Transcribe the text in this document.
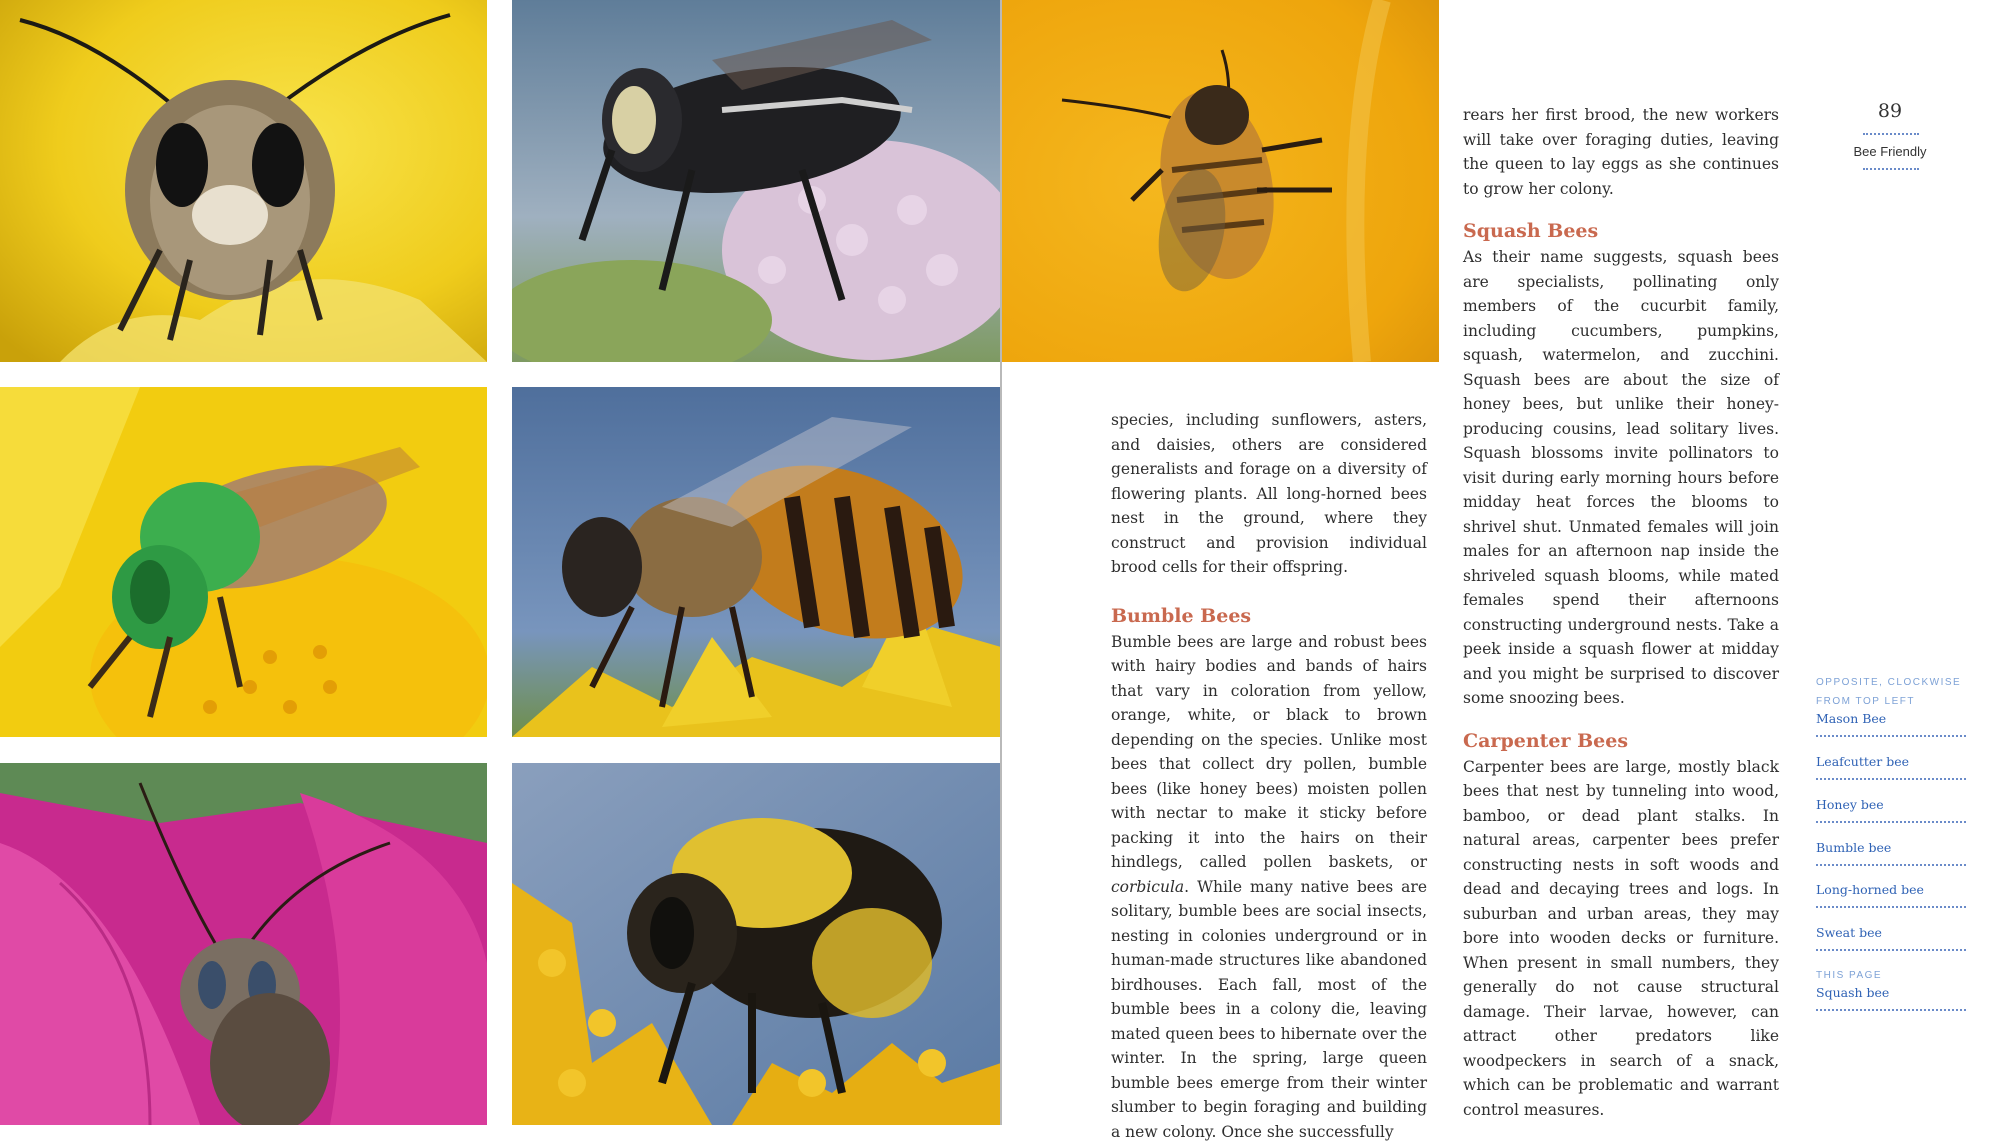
species, including sunflowers, asters, and daisies, others are considered generalists and forage on a diversity of flowering plants. All long-horned bees nest in the ground, where they construct and provision individual brood cells for their offspring.

Bumble Bees

Bumble bees are large and robust bees with hairy bodies and bands of hairs that vary in coloration from yellow, orange, white, or black to brown depending on the species. Unlike most bees that collect dry pollen, bumble bees (like honey bees) moisten pollen with nectar to make it sticky before packing it into the hairs on their hindlegs, called pollen baskets, or corbicula. While many native bees are solitary, bumble bees are social insects, nesting in colonies underground or in human-made structures like abandoned birdhouses. Each fall, most of the bumble bees in a colony die, leaving mated queen bees to hibernate over the winter. In the spring, large queen bumble bees emerge from their winter slumber to begin foraging and building a new colony. Once she successfully

rears her first brood, the new workers will take over foraging duties, leaving the queen to lay eggs as she continues to grow her colony.

Squash Bees

As their name suggests, squash bees are specialists, pollinating only members of the cucurbit family, including cucumbers, pumpkins, squash, watermelon, and zucchini. Squash bees are about the size of honey bees, but unlike their honey-producing cousins, lead solitary lives. Squash blossoms invite pollinators to visit during early morning hours before midday heat forces the blooms to shrivel shut. Unmated females will join males for an afternoon nap inside the shriveled squash blooms, while mated females spend their afternoons constructing underground nests. Take a peek inside a squash flower at midday and you might be surprised to discover some snoozing bees.

Carpenter Bees

Carpenter bees are large, mostly black bees that nest by tunneling into wood, bamboo, or dead plant stalks. In natural areas, carpenter bees prefer constructing nests in soft woods and dead and decaying trees and logs. In suburban and urban areas, they may bore into wooden decks or furniture. When present in small numbers, they generally do not cause structural damage. Their larvae, however, can attract other predators like woodpeckers in search of a snack, which can be problematic and warrant control measures.

89
Bee Friendly
OPPOSITE, CLOCKWISE FROM TOP LEFT
Mason Bee
Leafcutter bee
Honey bee
Bumble bee
Long-horned bee
Sweat bee
THIS PAGE
Squash bee
